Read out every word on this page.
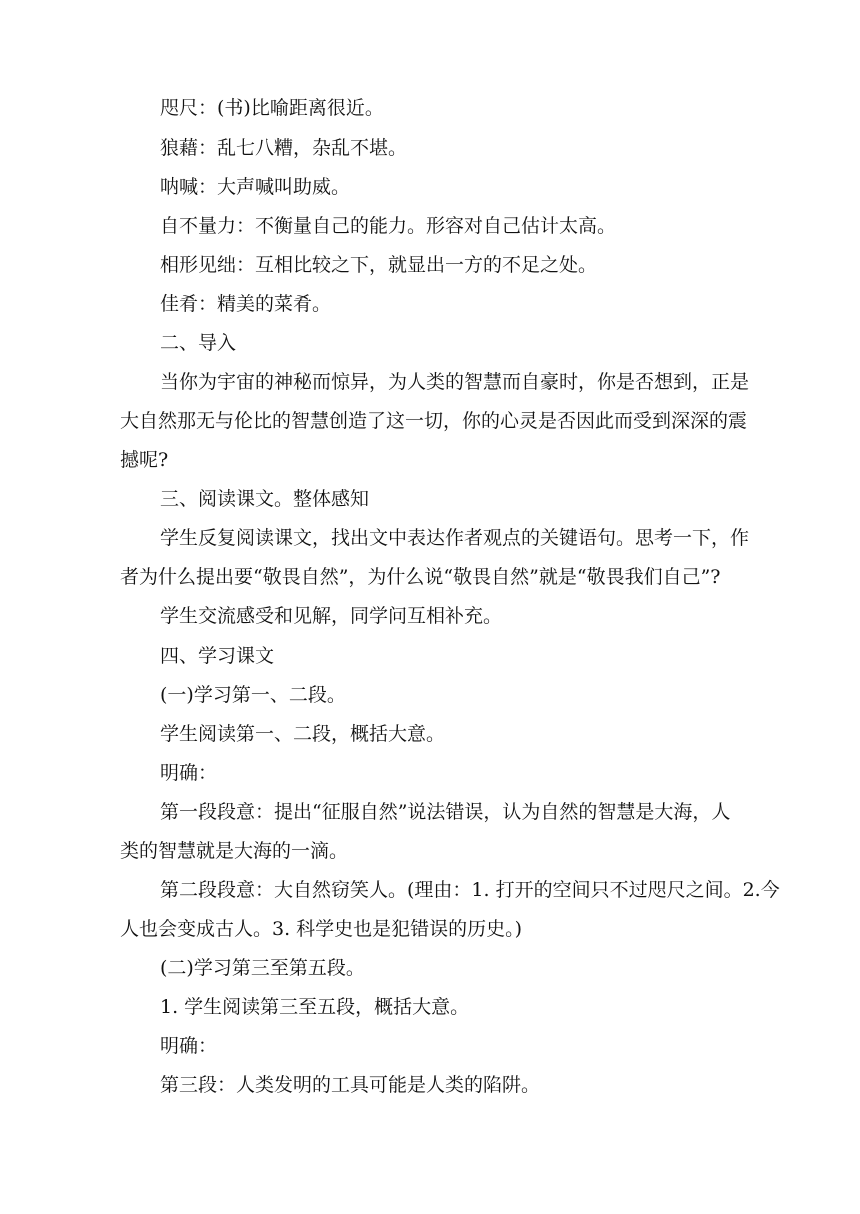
咫尺：(书)比喻距离很近。
狼藉：乱七八糟，杂乱不堪。
呐喊：大声喊叫助威。
自不量力：不衡量自己的能力。形容对自己估计太高。
相形见绌：互相比较之下，就显出一方的不足之处。
佳肴：精美的菜肴。
二、导入
当你为宇宙的神秘而惊异，为人类的智慧而自豪时，你是否想到，正是
大自然那无与伦比的智慧创造了这一切，你的心灵是否因此而受到深深的震
撼呢?
三、阅读课文。整体感知
学生反复阅读课文，找出文中表达作者观点的关键语句。思考一下，作
者为什么提出要“敬畏自然”，为什么说“敬畏自然”就是“敬畏我们自己”?
学生交流感受和见解，同学问互相补充。
四、学习课文
(一)学习第一、二段。
学生阅读第一、二段，概括大意。
明确：
第一段段意：提出“征服自然”说法错误，认为自然的智慧是大海，人
类的智慧就是大海的一滴。
第二段段意：大自然窃笑人。(理由：1. 打开的空间只不过咫尺之间。2.今
人也会变成古人。3. 科学史也是犯错误的历史。)
(二)学习第三至第五段。
1. 学生阅读第三至五段，概括大意。
明确：
第三段：人类发明的工具可能是人类的陷阱。
